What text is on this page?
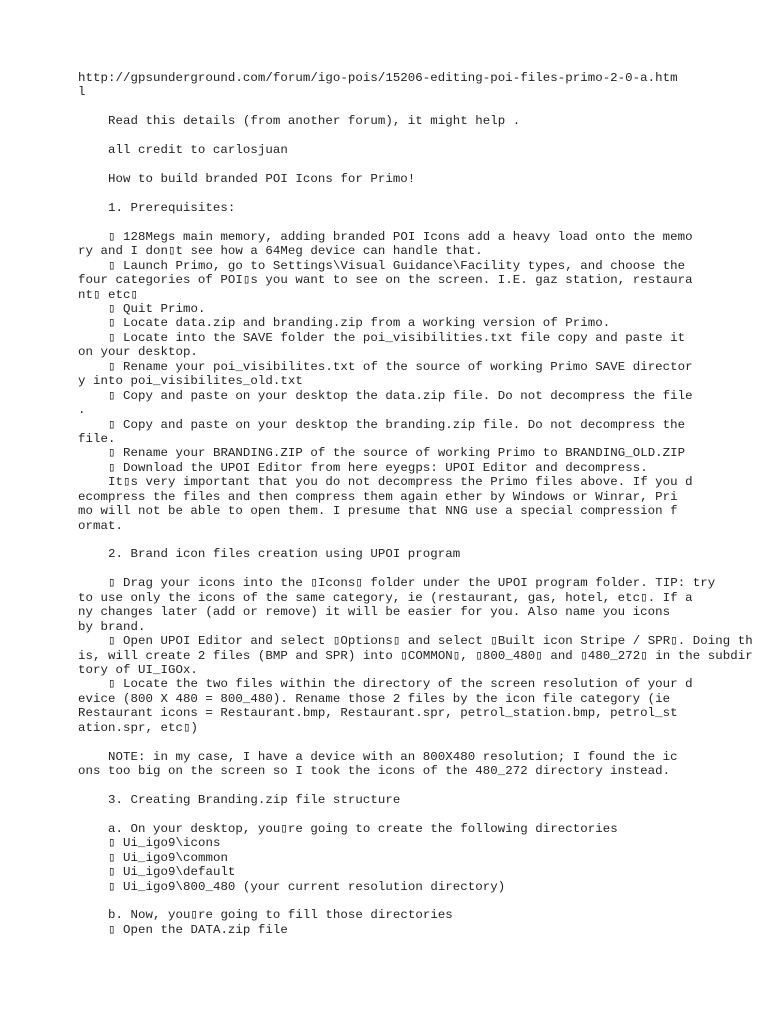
http://gpsunderground.com/forum/igo-pois/15206-editing-poi-files-primo-2-0-a.htm
l
Read this details (from another forum), it might help .
all credit to carlosjuan
How to build branded POI Icons for Primo!
1. Prerequisites:
▯ 128Megs main memory, adding branded POI Icons add a heavy load onto the memo
ry and I don▯t see how a 64Meg device can handle that.
▯ Launch Primo, go to Settings\Visual Guidance\Facility types, and choose the
four categories of POI▯s you want to see on the screen. I.E. gaz station, restaura
nt▯ etc▯
▯ Quit Primo.
▯ Locate data.zip and branding.zip from a working version of Primo.
▯ Locate into the SAVE folder the poi_visibilities.txt file copy and paste it
on your desktop.
▯ Rename your poi_visibilites.txt of the source of working Primo SAVE director
y into poi_visibilites_old.txt
▯ Copy and paste on your desktop the data.zip file. Do not decompress the file
.
▯ Copy and paste on your desktop the branding.zip file. Do not decompress the
file.
▯ Rename your BRANDING.ZIP of the source of working Primo to BRANDING_OLD.ZIP
▯ Download the UPOI Editor from here eyegps: UPOI Editor and decompress.
It▯s very important that you do not decompress the Primo files above. If you d
ecompress the files and then compress them again ether by Windows or Winrar, Pri
mo will not be able to open them. I presume that NNG use a special compression f
ormat.
2. Brand icon files creation using UPOI program
▯ Drag your icons into the ▯Icons▯ folder under the UPOI program folder. TIP: try
to use only the icons of the same category, ie (restaurant, gas, hotel, etc▯. If a
ny changes later (add or remove) it will be easier for you. Also name you icons
by brand.
▯ Open UPOI Editor and select ▯Options▯ and select ▯Built icon Stripe / SPR▯. Doing th
is, will create 2 files (BMP and SPR) into ▯COMMON▯, ▯800_480▯ and ▯480_272▯ in the subdir
tory of UI_IGOx.
▯ Locate the two files within the directory of the screen resolution of your d
evice (800 X 480 = 800_480). Rename those 2 files by the icon file category (ie
Restaurant icons = Restaurant.bmp, Restaurant.spr, petrol_station.bmp, petrol_st
ation.spr, etc▯)
NOTE: in my case, I have a device with an 800X480 resolution; I found the ic
ons too big on the screen so I took the icons of the 480_272 directory instead.
3. Creating Branding.zip file structure
a. On your desktop, you▯re going to create the following directories
▯ Ui_igo9\icons
▯ Ui_igo9\common
▯ Ui_igo9\default
▯ Ui_igo9\800_480 (your current resolution directory)
b. Now, you▯re going to fill those directories
▯ Open the DATA.zip file
